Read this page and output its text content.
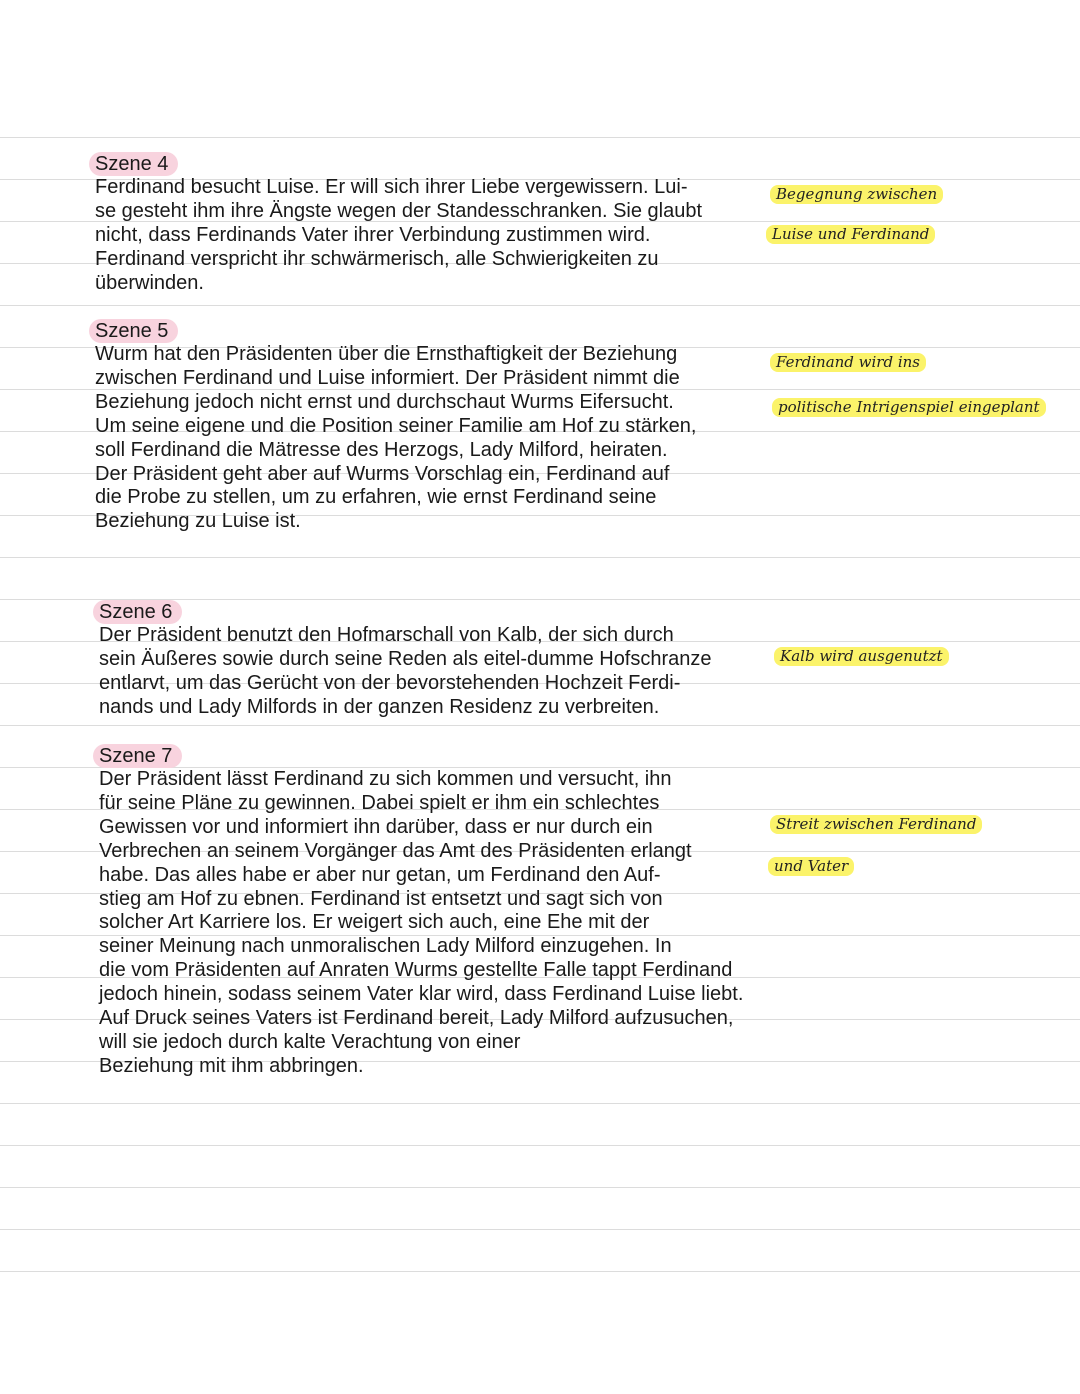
Szene 4
Ferdinand besucht Luise. Er will sich ihrer Liebe vergewissern. Lui-
se gesteht ihm ihre Ängste wegen der Standesschranken. Sie glaubt
nicht, dass Ferdinands Vater ihrer Verbindung zustimmen wird.
Ferdinand verspricht ihr schwärmerisch, alle Schwierigkeiten zu
überwinden.
Szene 5
Wurm hat den Präsidenten über die Ernsthaftigkeit der Beziehung
zwischen Ferdinand und Luise informiert. Der Präsident nimmt die
Beziehung jedoch nicht ernst und durchschaut Wurms Eifersucht.
Um seine eigene und die Position seiner Familie am Hof zu stärken,
soll Ferdinand die Mätresse des Herzogs, Lady Milford, heiraten.
Der Präsident geht aber auf Wurms Vorschlag ein, Ferdinand auf
die Probe zu stellen, um zu erfahren, wie ernst Ferdinand seine
Beziehung zu Luise ist.
Szene 6
Der Präsident benutzt den Hofmarschall von Kalb, der sich durch
sein Äußeres sowie durch seine Reden als eitel-dumme Hofschranze
entlarvt, um das Gerücht von der bevorstehenden Hochzeit Ferdi-
nands und Lady Milfords in der ganzen Residenz zu verbreiten.
Szene 7
Der Präsident lässt Ferdinand zu sich kommen und versucht, ihn
für seine Pläne zu gewinnen. Dabei spielt er ihm ein schlechtes
Gewissen vor und informiert ihn darüber, dass er nur durch ein
Verbrechen an seinem Vorgänger das Amt des Präsidenten erlangt
habe. Das alles habe er aber nur getan, um Ferdinand den Auf-
stieg am Hof zu ebnen. Ferdinand ist entsetzt und sagt sich von
solcher Art Karriere los. Er weigert sich auch, eine Ehe mit der
seiner Meinung nach unmoralischen Lady Milford einzugehen. In
die vom Präsidenten auf Anraten Wurms gestellte Falle tappt Ferdinand
jedoch hinein, sodass seinem Vater klar wird, dass Ferdinand Luise liebt.
Auf Druck seines Vaters ist Ferdinand bereit, Lady Milford aufzusuchen,
will sie jedoch durch kalte Verachtung von einer
Beziehung mit ihm abbringen.
Begegnung zwischen
Luise und Ferdinand
Ferdinand wird ins
politische Intrigenspiel eingeplant
Kalb wird ausgenutzt
Streit zwischen Ferdinand
und Vater
